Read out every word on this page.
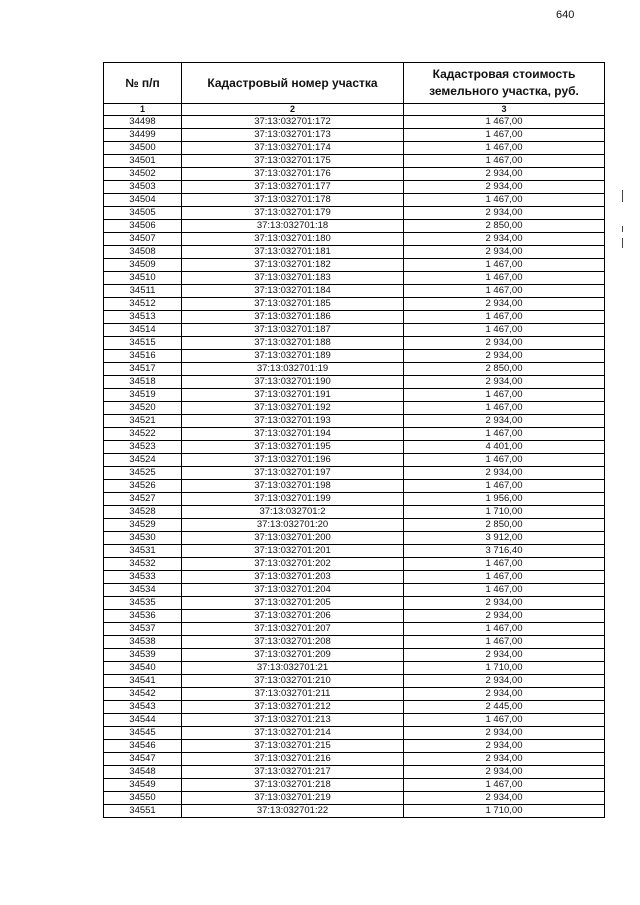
640
№ п/п	Кадастровый номер участка	Кадастровая стоимость земельного участка, руб.
1	2	3
34498	37:13:032701:172	1 467,00
34499	37:13:032701:173	1 467,00
34500	37:13:032701:174	1 467,00
34501	37:13:032701:175	1 467,00
34502	37:13:032701:176	2 934,00
34503	37:13:032701:177	2 934,00
34504	37:13:032701:178	1 467,00
34505	37:13:032701:179	2 934,00
34506	37:13:032701:18	2 850,00
34507	37:13:032701:180	2 934,00
34508	37:13:032701:181	2 934,00
34509	37:13:032701:182	1 467,00
34510	37:13:032701:183	1 467,00
34511	37:13:032701:184	1 467,00
34512	37:13:032701:185	2 934,00
34513	37:13:032701:186	1 467,00
34514	37:13:032701:187	1 467,00
34515	37:13:032701:188	2 934,00
34516	37:13:032701:189	2 934,00
34517	37:13:032701:19	2 850,00
34518	37:13:032701:190	2 934,00
34519	37:13:032701:191	1 467,00
34520	37:13:032701:192	1 467,00
34521	37:13:032701:193	2 934,00
34522	37:13:032701:194	1 467,00
34523	37:13:032701:195	4 401,00
34524	37:13:032701:196	1 467,00
34525	37:13:032701:197	2 934,00
34526	37:13:032701:198	1 467,00
34527	37:13:032701:199	1 956,00
34528	37:13:032701:2	1 710,00
34529	37:13:032701:20	2 850,00
34530	37:13:032701:200	3 912,00
34531	37:13:032701:201	3 716,40
34532	37:13:032701:202	1 467,00
34533	37:13:032701:203	1 467,00
34534	37:13:032701:204	1 467,00
34535	37:13:032701:205	2 934,00
34536	37:13:032701:206	2 934,00
34537	37:13:032701:207	1 467,00
34538	37:13:032701:208	1 467,00
34539	37:13:032701:209	2 934,00
34540	37:13:032701:21	1 710,00
34541	37:13:032701:210	2 934,00
34542	37:13:032701:211	2 934,00
34543	37:13:032701:212	2 445,00
34544	37:13:032701:213	1 467,00
34545	37:13:032701:214	2 934,00
34546	37:13:032701:215	2 934,00
34547	37:13:032701:216	2 934,00
34548	37:13:032701:217	2 934,00
34549	37:13:032701:218	1 467,00
34550	37:13:032701:219	2 934,00
34551	37:13:032701:22	1 710,00
